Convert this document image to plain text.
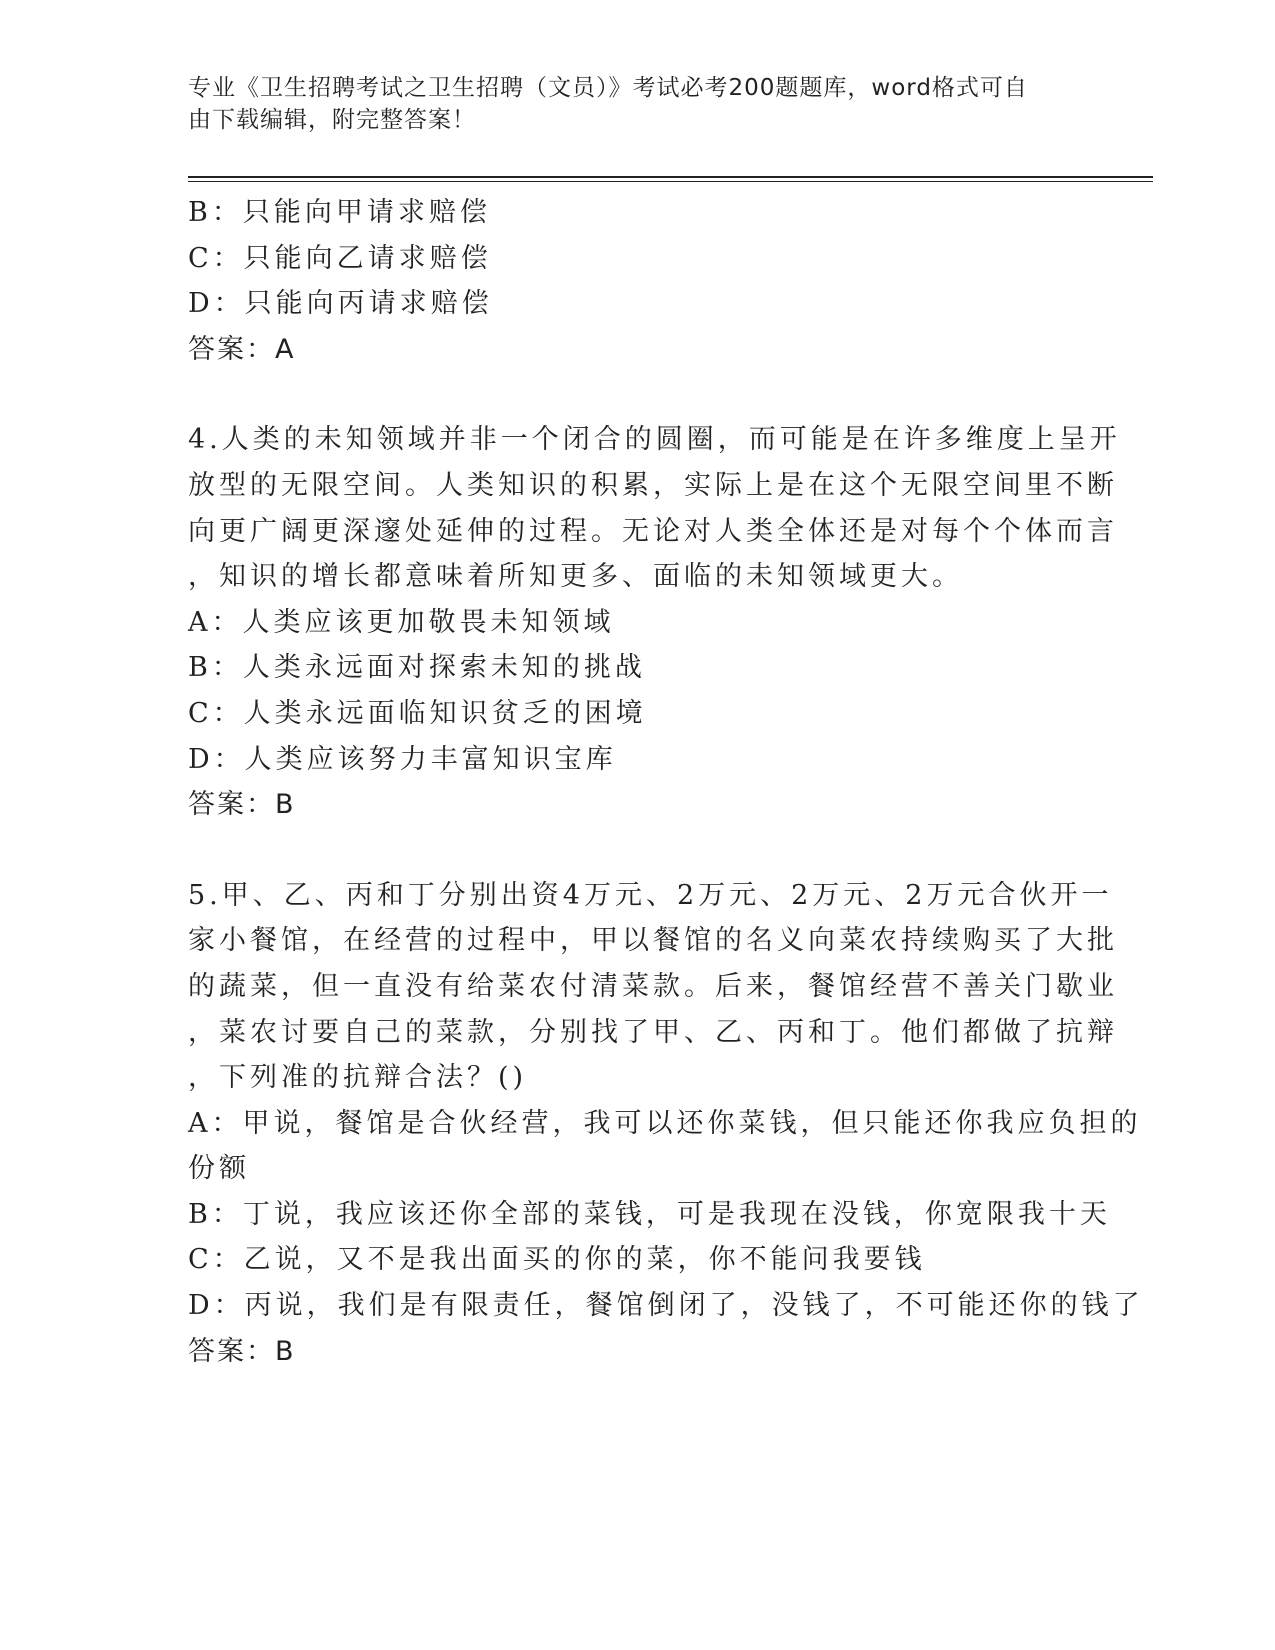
专业《卫生招聘考试之卫生招聘（文员）》考试必考200题题库，word格式可自
由下载编辑，附完整答案！
B：只能向甲请求赔偿
C：只能向乙请求赔偿
D：只能向丙请求赔偿
答案：A
4.人类的未知领域并非一个闭合的圆圈，而可能是在许多维度上呈开
放型的无限空间。人类知识的积累，实际上是在这个无限空间里不断
向更广阔更深邃处延伸的过程。无论对人类全体还是对每个个体而言
，知识的增长都意味着所知更多、面临的未知领域更大。
A：人类应该更加敬畏未知领域
B：人类永远面对探索未知的挑战
C：人类永远面临知识贫乏的困境
D：人类应该努力丰富知识宝库
答案：B
5.甲、乙、丙和丁分别出资4万元、2万元、2万元、2万元合伙开一
家小餐馆，在经营的过程中，甲以餐馆的名义向菜农持续购买了大批
的蔬菜，但一直没有给菜农付清菜款。后来，餐馆经营不善关门歇业
，菜农讨要自己的菜款，分别找了甲、乙、丙和丁。他们都做了抗辩
，下列准的抗辩合法？()
A：甲说，餐馆是合伙经营，我可以还你菜钱，但只能还你我应负担的
份额
B：丁说，我应该还你全部的菜钱，可是我现在没钱，你宽限我十天
C：乙说，又不是我出面买的你的菜，你不能问我要钱
D：丙说，我们是有限责任，餐馆倒闭了，没钱了，不可能还你的钱了
答案：B
